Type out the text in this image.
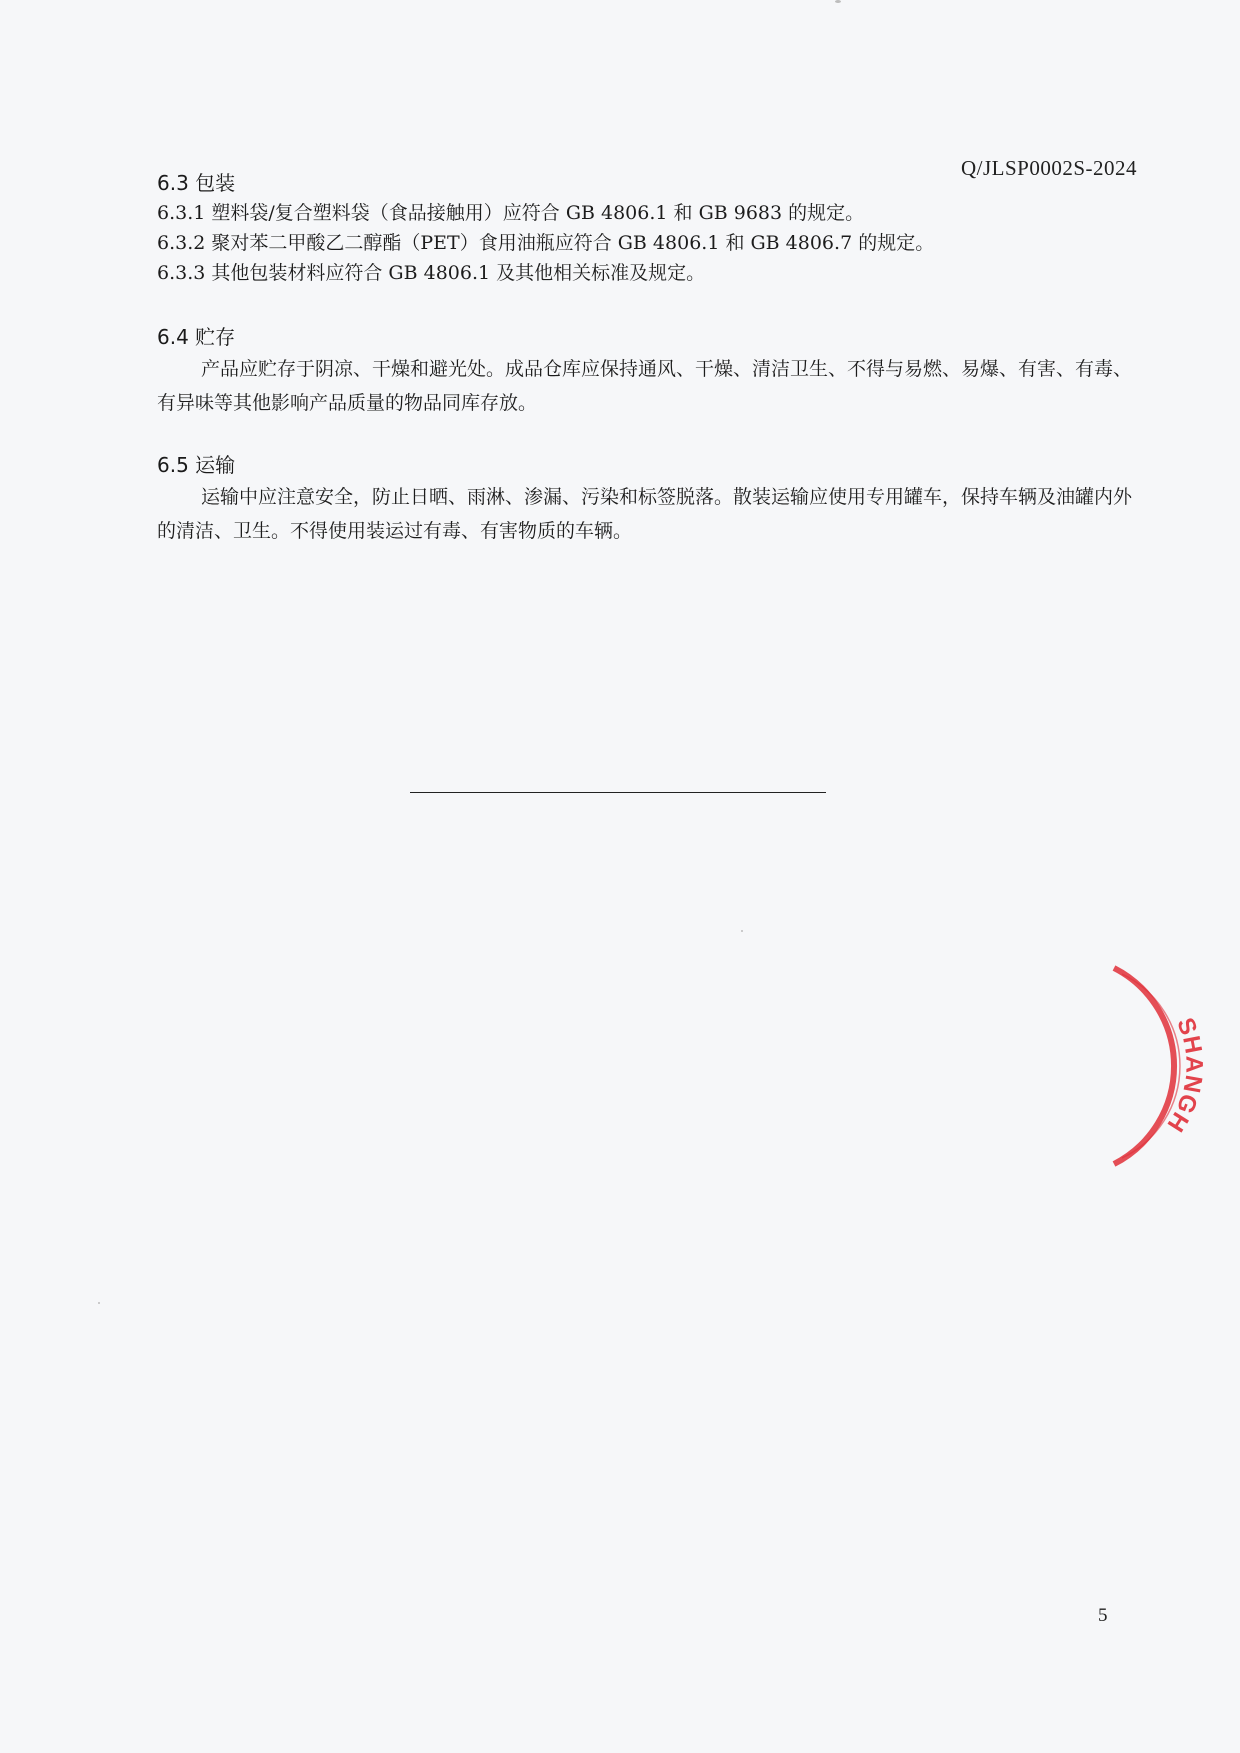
Q/JLSP0002S-2024

6.3 包装

6.3.1 塑料袋/复合塑料袋（食品接触用）应符合 GB 4806.1 和 GB 9683 的规定。

6.3.2 聚对苯二甲酸乙二醇酯（PET）食用油瓶应符合 GB 4806.1 和 GB 4806.7 的规定。

6.3.3 其他包装材料应符合 GB 4806.1 及其他相关标准及规定。

6.4 贮存

产品应贮存于阴凉、干燥和避光处。成品仓库应保持通风、干燥、清洁卫生、不得与易燃、易爆、有害、有毒、有异味等其他影响产品质量的物品同库存放。

6.5 运输

运输中应注意安全，防止日晒、雨淋、渗漏、污染和标签脱落。散装运输应使用专用罐车，保持车辆及油罐内外的清洁、卫生。不得使用装运过有毒、有害物质的车辆。

SHANGH
5
